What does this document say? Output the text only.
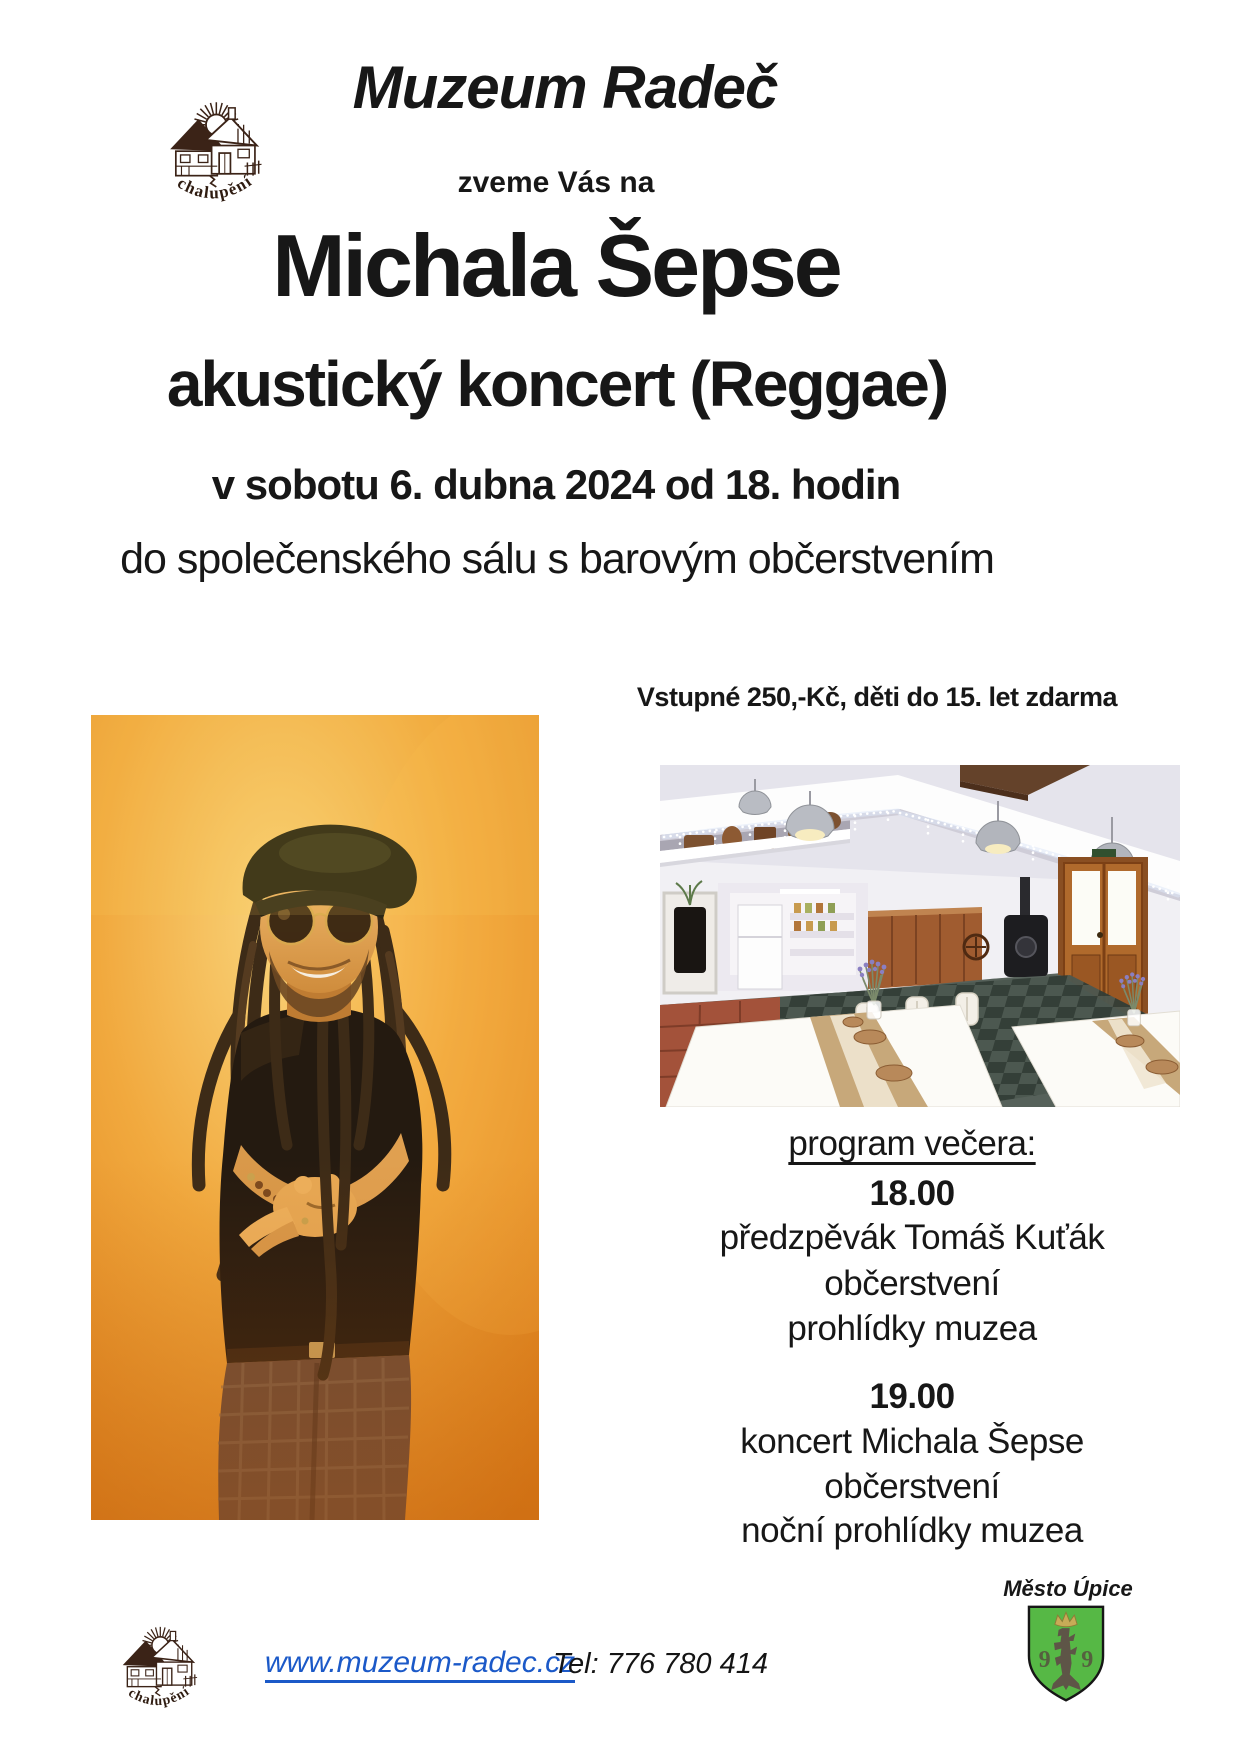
Muzeum Radeč
zveme Vás na
Michala Šepse
akustický koncert (Reggae)
v sobotu 6. dubna 2024 od 18. hodin
do společenského sálu s barovým občerstvením
Vstupné 250,-Kč, děti do 15. let zdarma
program večera:
18.00
předzpěvák Tomáš Kuťák
občerstvení
prohlídky muzea
19.00
koncert Michala Šepse
občerstvení
noční prohlídky muzea
www.muzeum-radec.cz
Tel: 776 780 414
Město Úpice
9 9
